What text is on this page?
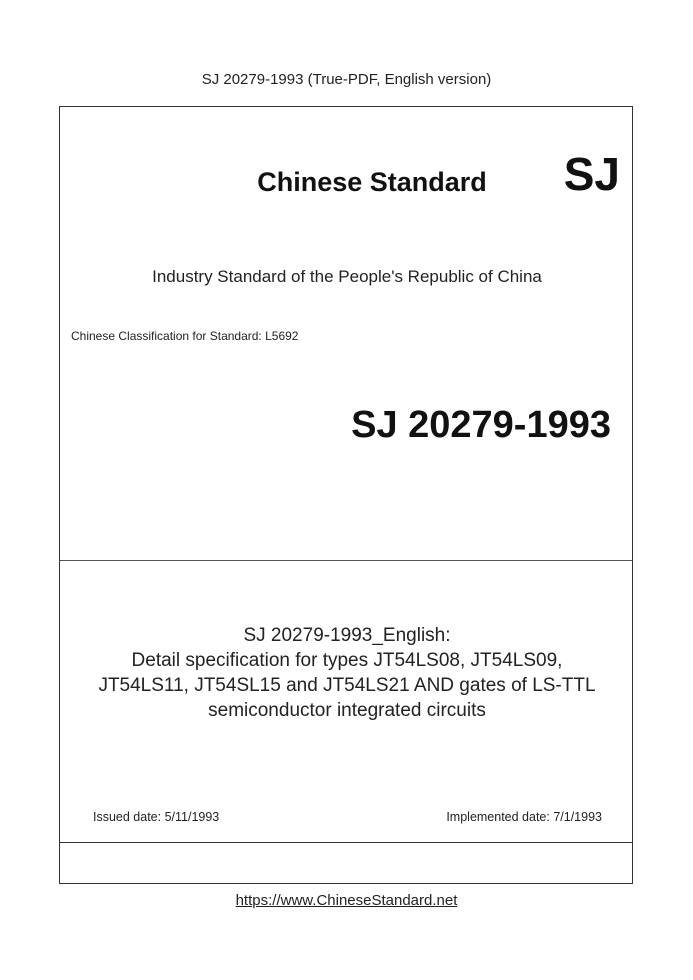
SJ 20279-1993 (True-PDF, English version)
Chinese Standard	SJ
Industry Standard of the People's Republic of China
Chinese Classification for Standard: L5692
SJ 20279-1993
SJ 20279-1993_English:
Detail specification for types JT54LS08, JT54LS09,
JT54LS11, JT54SL15 and JT54LS21 AND gates of LS-TTL
semiconductor integrated circuits
Issued date: 5/11/1993	Implemented date: 7/1/1993
https://www.ChineseStandard.net
